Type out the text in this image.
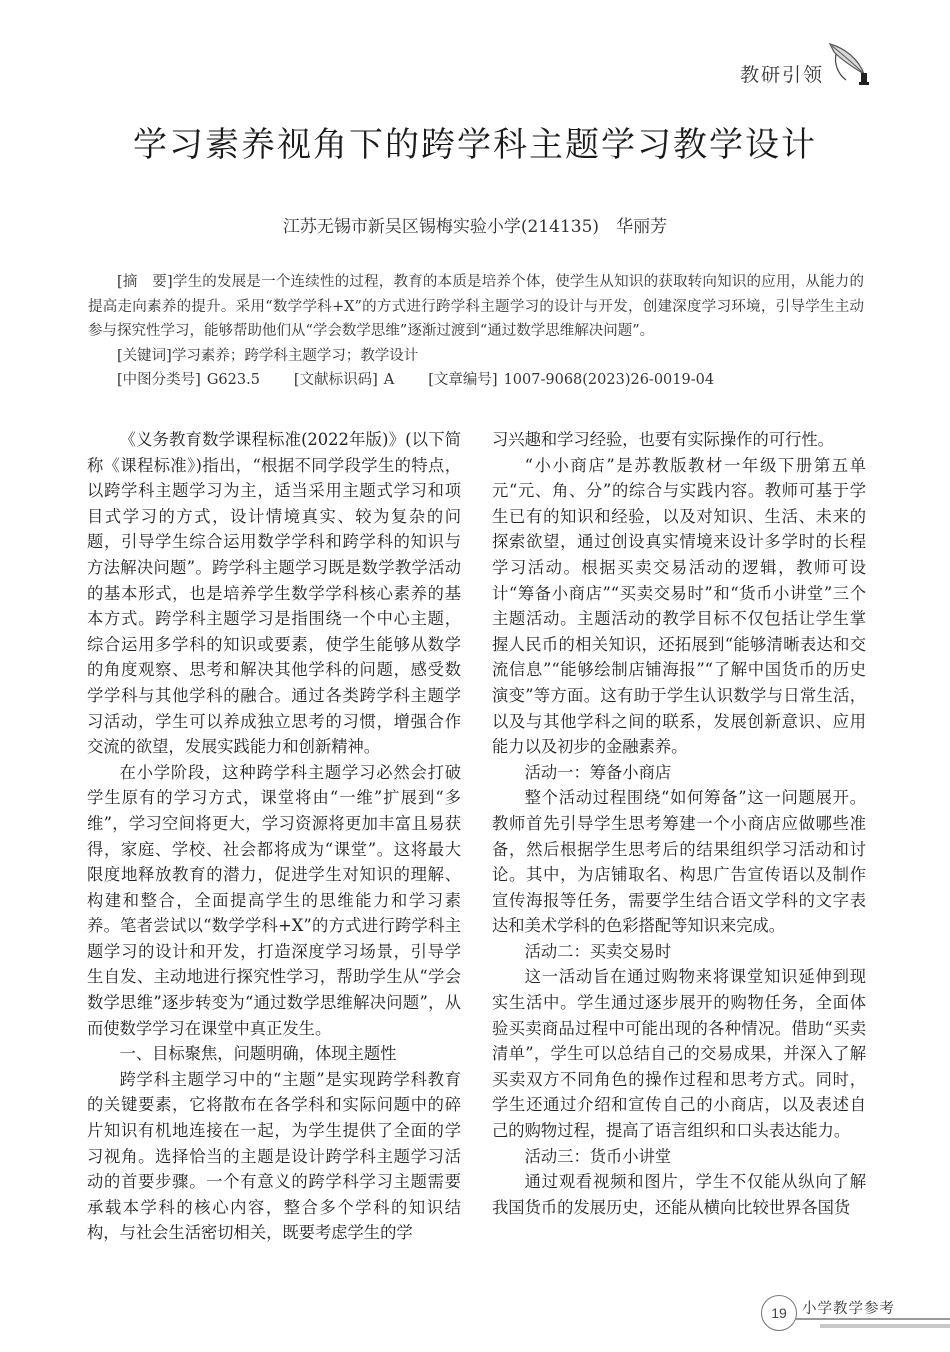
教研引领
学习素养视角下的跨学科主题学习教学设计
江苏无锡市新吴区锡梅实验小学(214135)　华丽芳

[摘　要]学生的发展是一个连续性的过程，教育的本质是培养个体，使学生从知识的获取转向知识的应用，从能力的提高走向素养的提升。采用“数学学科+X”的方式进行跨学科主题学习的设计与开发，创建深度学习环境，引导学生主动参与探究性学习，能够帮助他们从“学会数学思维”逐渐过渡到“通过数学思维解决问题”。

[关键词]学习素养；跨学科主题学习；教学设计

[中图分类号] G623.5 [文献标识码] A [文章编号] 1007-9068(2023)26-0019-04

《义务教育数学课程标准(2022年版)》(以下简称《课程标准》)指出，“根据不同学段学生的特点，以跨学科主题学习为主，适当采用主题式学习和项目式学习的方式，设计情境真实、较为复杂的问题，引导学生综合运用数学学科和跨学科的知识与方法解决问题”。跨学科主题学习既是数学教学活动的基本形式，也是培养学生数学学科核心素养的基本方式。跨学科主题学习是指围绕一个中心主题，综合运用多学科的知识或要素，使学生能够从数学的角度观察、思考和解决其他学科的问题，感受数学学科与其他学科的融合。通过各类跨学科主题学习活动，学生可以养成独立思考的习惯，增强合作交流的欲望，发展实践能力和创新精神。

在小学阶段，这种跨学科主题学习必然会打破学生原有的学习方式，课堂将由“一维”扩展到“多维”，学习空间将更大，学习资源将更加丰富且易获得，家庭、学校、社会都将成为“课堂”。这将最大限度地释放教育的潜力，促进学生对知识的理解、构建和整合，全面提高学生的思维能力和学习素养。笔者尝试以“数学学科+X”的方式进行跨学科主题学习的设计和开发，打造深度学习场景，引导学生自发、主动地进行探究性学习，帮助学生从“学会数学思维”逐步转变为“通过数学思维解决问题”，从而使数学学习在课堂中真正发生。

一、目标聚焦，问题明确，体现主题性

跨学科主题学习中的“主题”是实现跨学科教育的关键要素，它将散布在各学科和实际问题中的碎片知识有机地连接在一起，为学生提供了全面的学习视角。选择恰当的主题是设计跨学科主题学习活动的首要步骤。一个有意义的跨学科学习主题需要承载本学科的核心内容，整合多个学科的知识结构，与社会生活密切相关，既要考虑学生的学

习兴趣和学习经验，也要有实际操作的可行性。

“小小商店”是苏教版教材一年级下册第五单元“元、角、分”的综合与实践内容。教师可基于学生已有的知识和经验，以及对知识、生活、未来的探索欲望，通过创设真实情境来设计多学时的长程学习活动。根据买卖交易活动的逻辑，教师可设计“筹备小商店”“买卖交易时”和“货币小讲堂”三个主题活动。主题活动的教学目标不仅包括让学生掌握人民币的相关知识，还拓展到“能够清晰表达和交流信息”“能够绘制店铺海报”“了解中国货币的历史演变”等方面。这有助于学生认识数学与日常生活，以及与其他学科之间的联系，发展创新意识、应用能力以及初步的金融素养。

活动一：筹备小商店

整个活动过程围绕“如何筹备”这一问题展开。教师首先引导学生思考筹建一个小商店应做哪些准备，然后根据学生思考后的结果组织学习活动和讨论。其中，为店铺取名、构思广告宣传语以及制作宣传海报等任务，需要学生结合语文学科的文字表达和美术学科的色彩搭配等知识来完成。

活动二：买卖交易时

这一活动旨在通过购物来将课堂知识延伸到现实生活中。学生通过逐步展开的购物任务，全面体验买卖商品过程中可能出现的各种情况。借助“买卖清单”，学生可以总结自己的交易成果，并深入了解买卖双方不同角色的操作过程和思考方式。同时，学生还通过介绍和宣传自己的小商店，以及表述自己的购物过程，提高了语言组织和口头表达能力。

活动三：货币小讲堂

通过观看视频和图片，学生不仅能从纵向了解我国货币的发展历史，还能从横向比较世界各国货

19	小学教学参考
